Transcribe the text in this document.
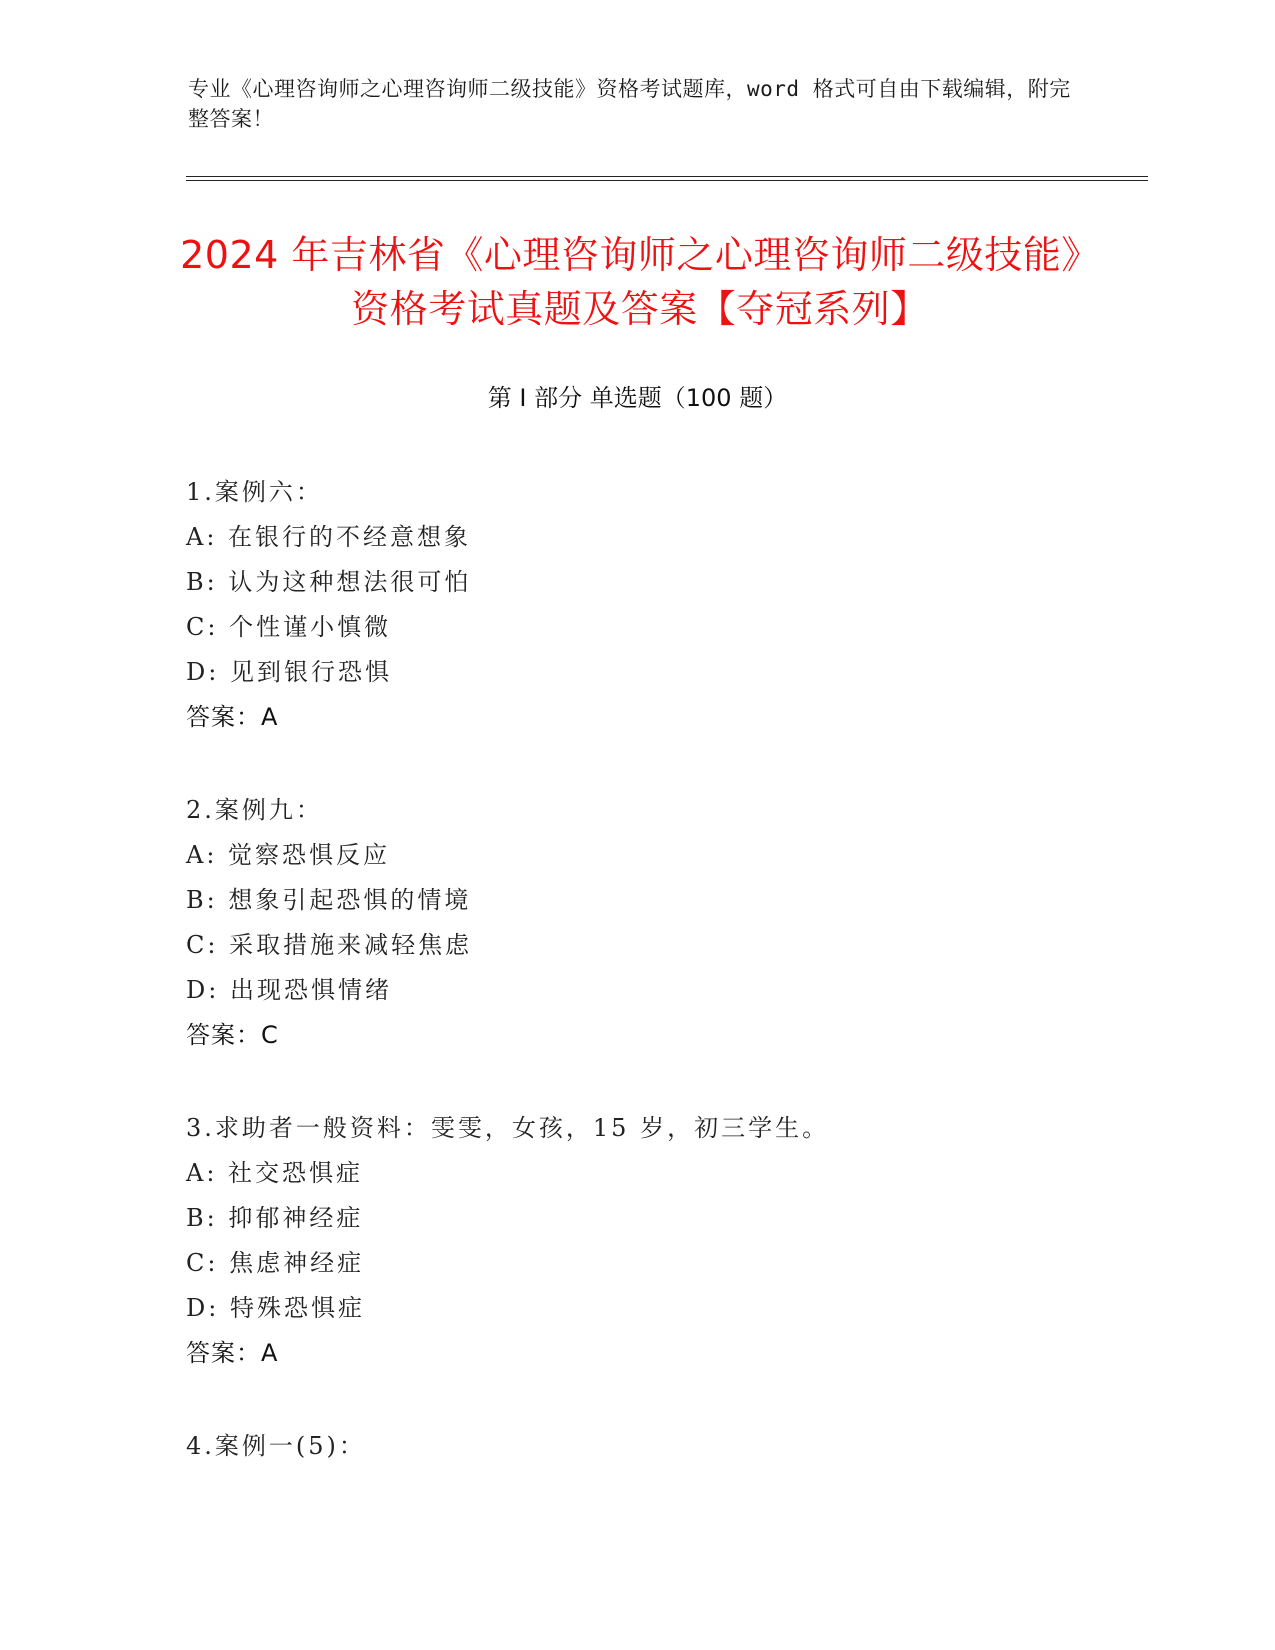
专业《心理咨询师之心理咨询师二级技能》资格考试题库，word 格式可自由下载编辑，附完整答案！
2024 年吉林省《心理咨询师之心理咨询师二级技能》资格考试真题及答案【夺冠系列】
第 I 部分 单选题（100 题）
1.案例六：
A: 在银行的不经意想象
B: 认为这种想法很可怕
C: 个性谨小慎微
D: 见到银行恐惧
答案：A
2.案例九：
A: 觉察恐惧反应
B: 想象引起恐惧的情境
C: 采取措施来减轻焦虑
D: 出现恐惧情绪
答案：C
3.求助者一般资料：雯雯，女孩，15 岁，初三学生。
A: 社交恐惧症
B: 抑郁神经症
C: 焦虑神经症
D: 特殊恐惧症
答案：A
4.案例一(5)：
